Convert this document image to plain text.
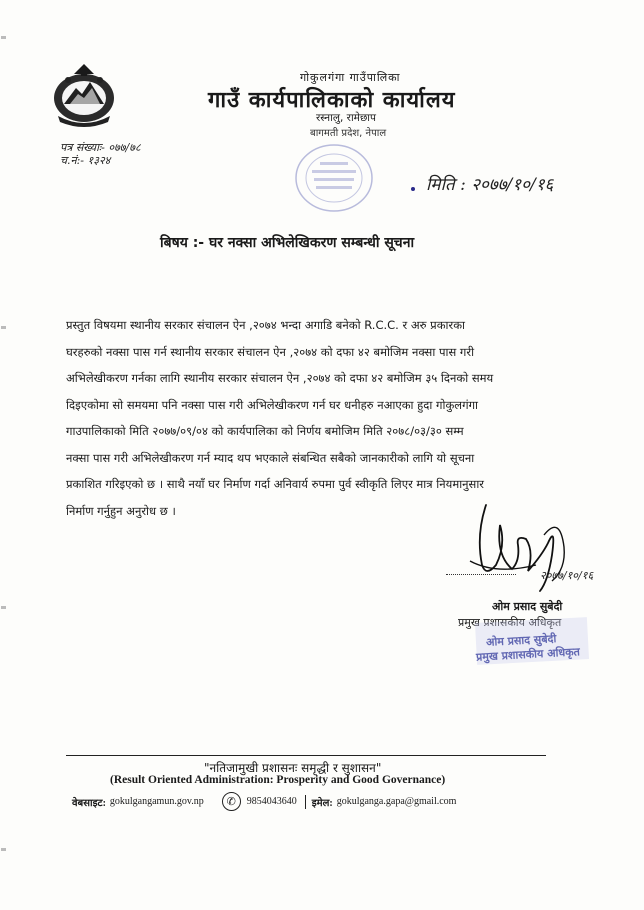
गोकुलगंगा गाउँपालिका
गाउँ कार्यपालिकाको कार्यालय
रस्नालु, रामेछाप
बागमती प्रदेश, नेपाल
पत्र संख्याः- ०७७/७८
च.नं:- १३२४
मिति : २०७७/१०/१६
बिषय :- घर नक्सा अभिलेखिकरण सम्बन्धी सूचना
प्रस्तुत विषयमा स्थानीय सरकार संचालन ऐन ,२०७४ भन्दा अगाडि बनेको R.C.C. र अरु प्रकारका
घरहरुको नक्सा पास गर्न स्थानीय सरकार संचालन ऐन ,२०७४ को दफा ४२ बमोजिम नक्सा पास गरी
अभिलेखीकरण गर्नका लागि स्थानीय सरकार संचालन ऐन ,२०७४ को दफा ४२ बमोजिम ३५ दिनको समय
दिइएकोमा सो समयमा पनि नक्सा पास गरी अभिलेखीकरण गर्न घर धनीहरु नआएका हुदा गोकुलगंगा
गाउपालिकाको मिति २०७७/०९/०४ को कार्यपालिका को निर्णय बमोजिम मिति २०७८/०३/३० सम्म
नक्सा पास गरी अभिलेखीकरण गर्न म्याद थप भएकाले संबन्धित सबैको जानकारीको लागि यो सूचना
प्रकाशित गरिइएको छ । साथै नयाँ घर निर्माण गर्दा अनिवार्य रुपमा पुर्व स्वीकृति लिएर मात्र नियमानुसार
निर्माण गर्नुहुन अनुरोध छ ।
२०७७/१०/१६
ओम प्रसाद सुबेदी
प्रमुख प्रशासकीय अधिकृत
ओम प्रसाद सुबेदी
प्रमुख प्रशासकीय अधिकृत
"नतिजामुखी प्रशासनः समृद्धी र सुशासन"
(Result Oriented Administration: Prosperity and Good Governance)
वेबसाइट: gokulgangamun.gov.np	✆	9854043640 इमेल: gokulganga.gapa@gmail.com
